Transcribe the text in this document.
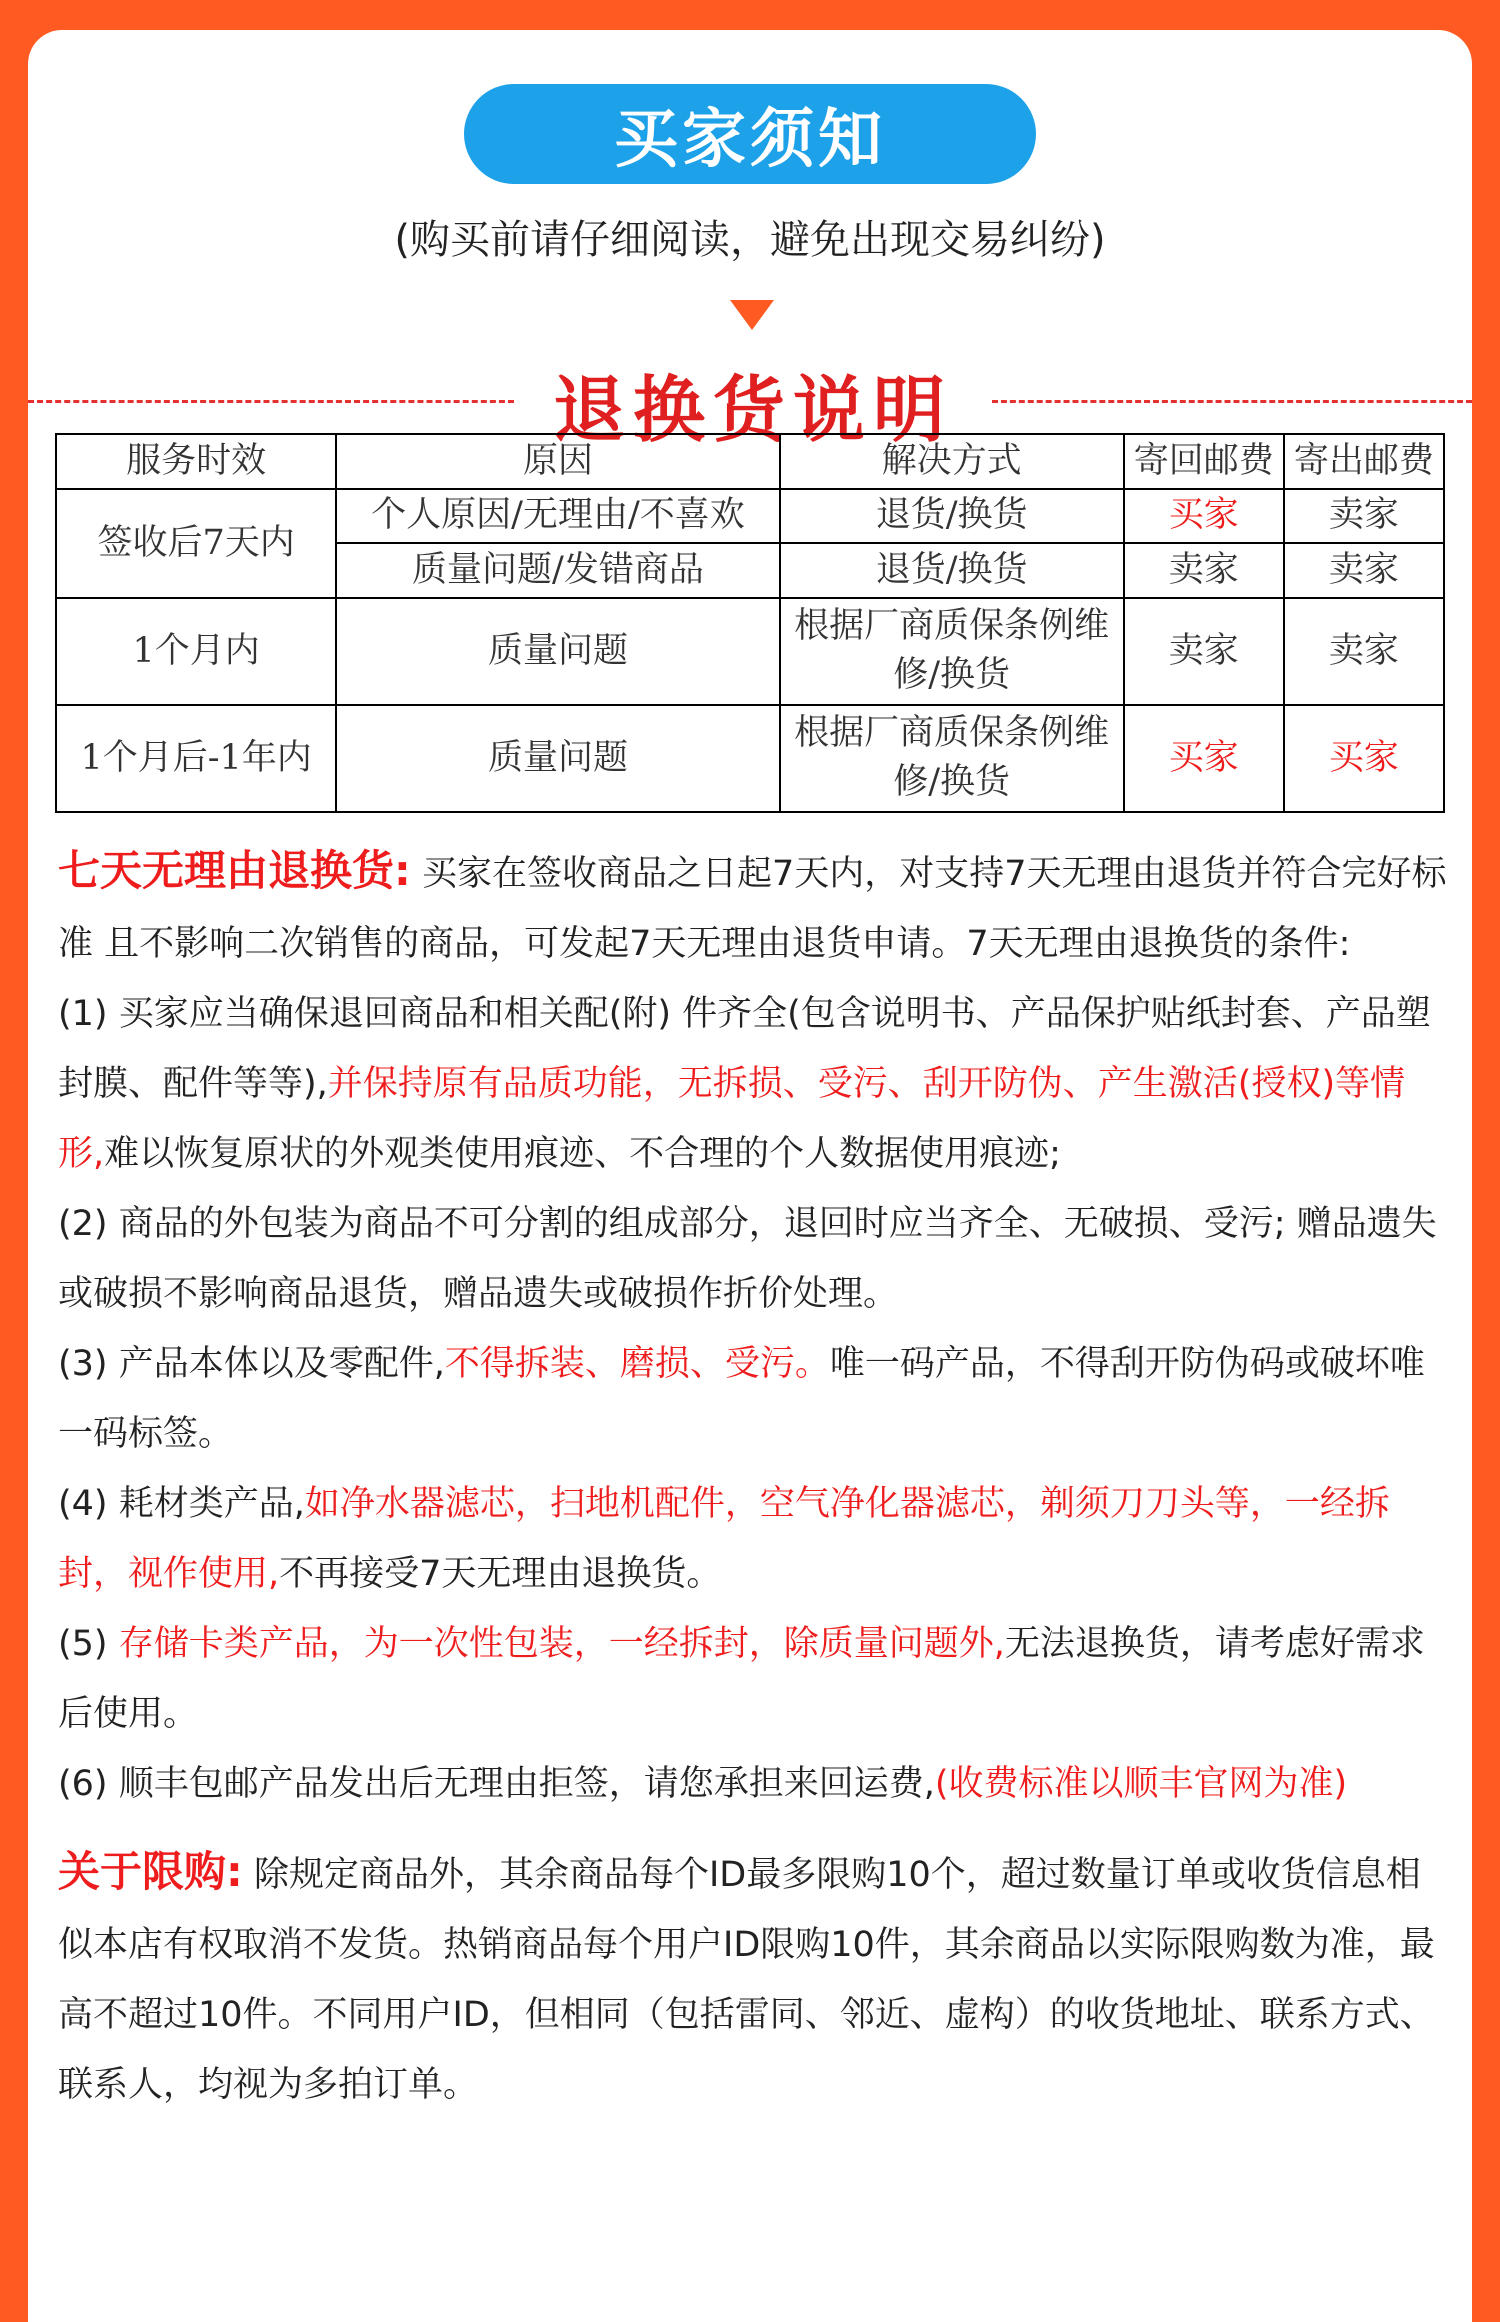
买家须知
(购买前请仔细阅读，避免出现交易纠纷)
退换货说明
服务时效	原因	解决方式	寄回邮费	寄出邮费
签收后7天内	个人原因/无理由/不喜欢	退货/换货	买家	卖家
	质量问题/发错商品	退货/换货	卖家	卖家
1个月内	质量问题	根据厂商质保条例维修/换货	卖家	卖家
1个月后-1年内	质量问题	根据厂商质保条例维修/换货	买家	买家

七天无理由退换货: 买家在签收商品之日起7天内，对支持7天无理由退货并符合完好标准 且不影响二次销售的商品，可发起7天无理由退货申请。7天无理由退换货的条件:

(1) 买家应当确保退回商品和相关配(附) 件齐全(包含说明书、产品保护贴纸封套、产品塑封膜、配件等等),并保持原有品质功能，无拆损、受污、刮开防伪、产生激活(授权)等情形,难以恢复原状的外观类使用痕迹、不合理的个人数据使用痕迹;

(2) 商品的外包装为商品不可分割的组成部分，退回时应当齐全、无破损、受污; 赠品遗失或破损不影响商品退货，赠品遗失或破损作折价处理。

(3) 产品本体以及零配件,不得拆装、磨损、受污。唯一码产品，不得刮开防伪码或破坏唯一码标签。

(4) 耗材类产品,如净水器滤芯，扫地机配件，空气净化器滤芯，剃须刀刀头等，一经拆封，视作使用,不再接受7天无理由退换货。

(5) 存储卡类产品，为一次性包装，一经拆封，除质量问题外,无法退换货，请考虑好需求后使用。

(6) 顺丰包邮产品发出后无理由拒签，请您承担来回运费,(收费标准以顺丰官网为准)

关于限购: 除规定商品外，其余商品每个ID最多限购10个，超过数量订单或收货信息相似本店有权取消不发货。热销商品每个用户ID限购10件，其余商品以实际限购数为准，最高不超过10件。不同用户ID，但相同（包括雷同、邻近、虚构）的收货地址、联系方式、联系人，均视为多拍订单。
